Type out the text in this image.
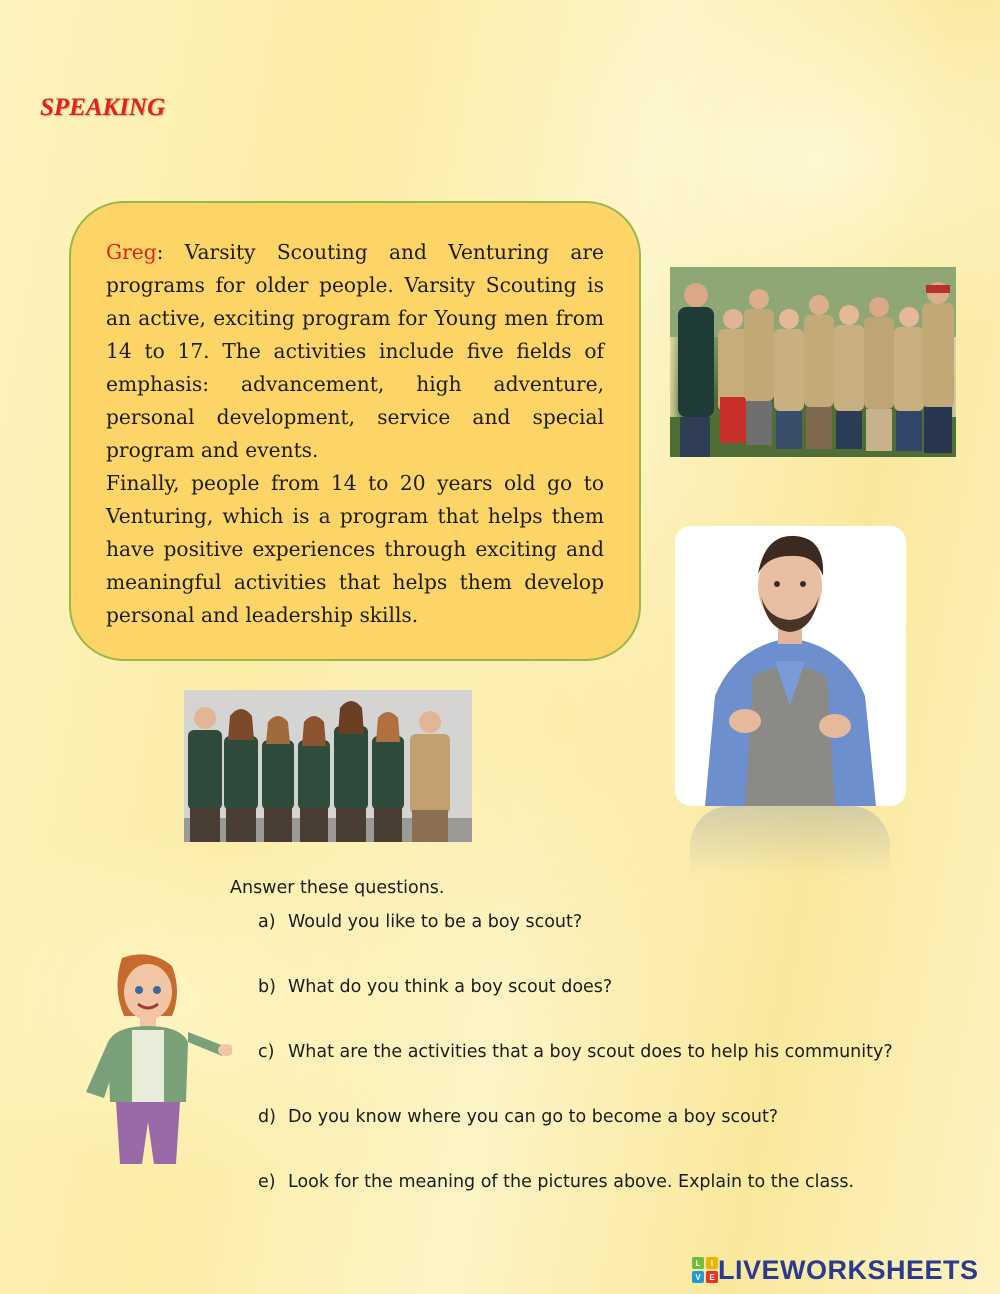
SPEAKING

Greg: Varsity Scouting and Venturing are programs for older people. Varsity Scouting is an active, exciting program for Young men from 14 to 17. The activities include five fields of emphasis: advancement, high adventure, personal development, service and special program and events.

Finally, people from 14 to 20 years old go to Venturing, which is a program that helps them have positive experiences through exciting and meaningful activities that helps them develop personal and leadership skills.

Answer these questions.
a) Would you like to be a boy scout?
b) What do you think a boy scout does?
c) What are the activities that a boy scout does to help his community?
d) Do you know where you can go to become a boy scout?
e) Look for the meaning of the pictures above. Explain to the class.
L I
V E LIVEWORKSHEETS
